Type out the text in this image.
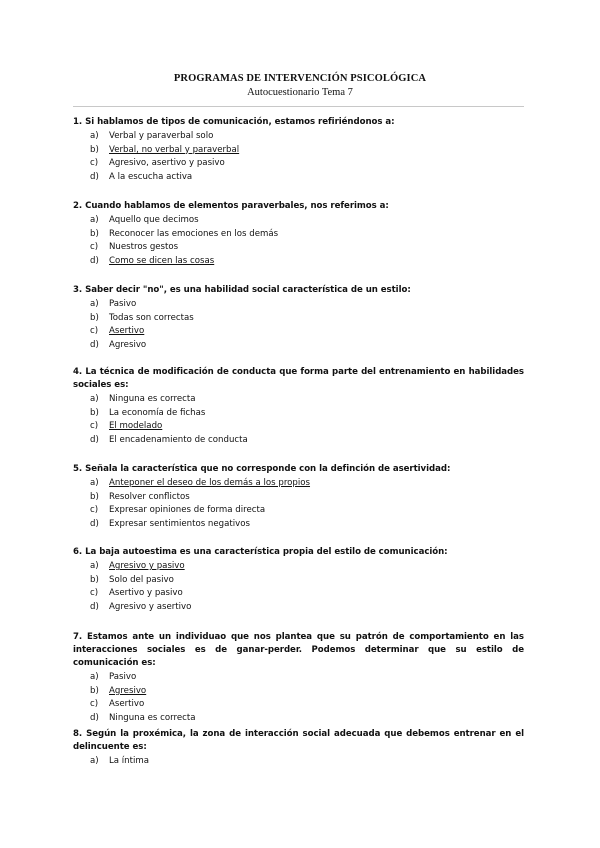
PROGRAMAS DE INTERVENCIÓN PSICOLÓGICA
Autocuestionario Tema 7
1. Si hablamos de tipos de comunicación, estamos refiriéndonos a:
a) Verbal y paraverbal solo
b) Verbal, no verbal y paraverbal
c) Agresivo, asertivo y pasivo
d) A la escucha activa
2. Cuando hablamos de elementos paraverbales, nos referimos a:
a) Aquello que decimos
b) Reconocer las emociones en los demás
c) Nuestros gestos
d) Como se dicen las cosas
3. Saber decir "no", es una habilidad social característica de un estilo:
a) Pasivo
b) Todas son correctas
c) Asertivo
d) Agresivo
4. La técnica de modificación de conducta que forma parte del entrenamiento en habilidades sociales es:
a) Ninguna es correcta
b) La economía de fichas
c) El modelado
d) El encadenamiento de conducta
5. Señala la característica que no corresponde con la definción de asertividad:
a) Anteponer el deseo de los demás a los propios
b) Resolver conflictos
c) Expresar opiniones de forma directa
d) Expresar sentimientos negativos
6. La baja autoestima es una característica propia del estilo de comunicación:
a) Agresivo y pasivo
b) Solo del pasivo
c) Asertivo y pasivo
d) Agresivo y asertivo
7. Estamos ante un individuao que nos plantea que su patrón de comportamiento en las interacciones sociales es de ganar-perder. Podemos determinar que su estilo de comunicación es:
a) Pasivo
b) Agresivo
c) Asertivo
d) Ninguna es correcta
8. Según la proxémica, la zona de interacción social adecuada que debemos entrenar en el delincuente es:
a) La íntima
